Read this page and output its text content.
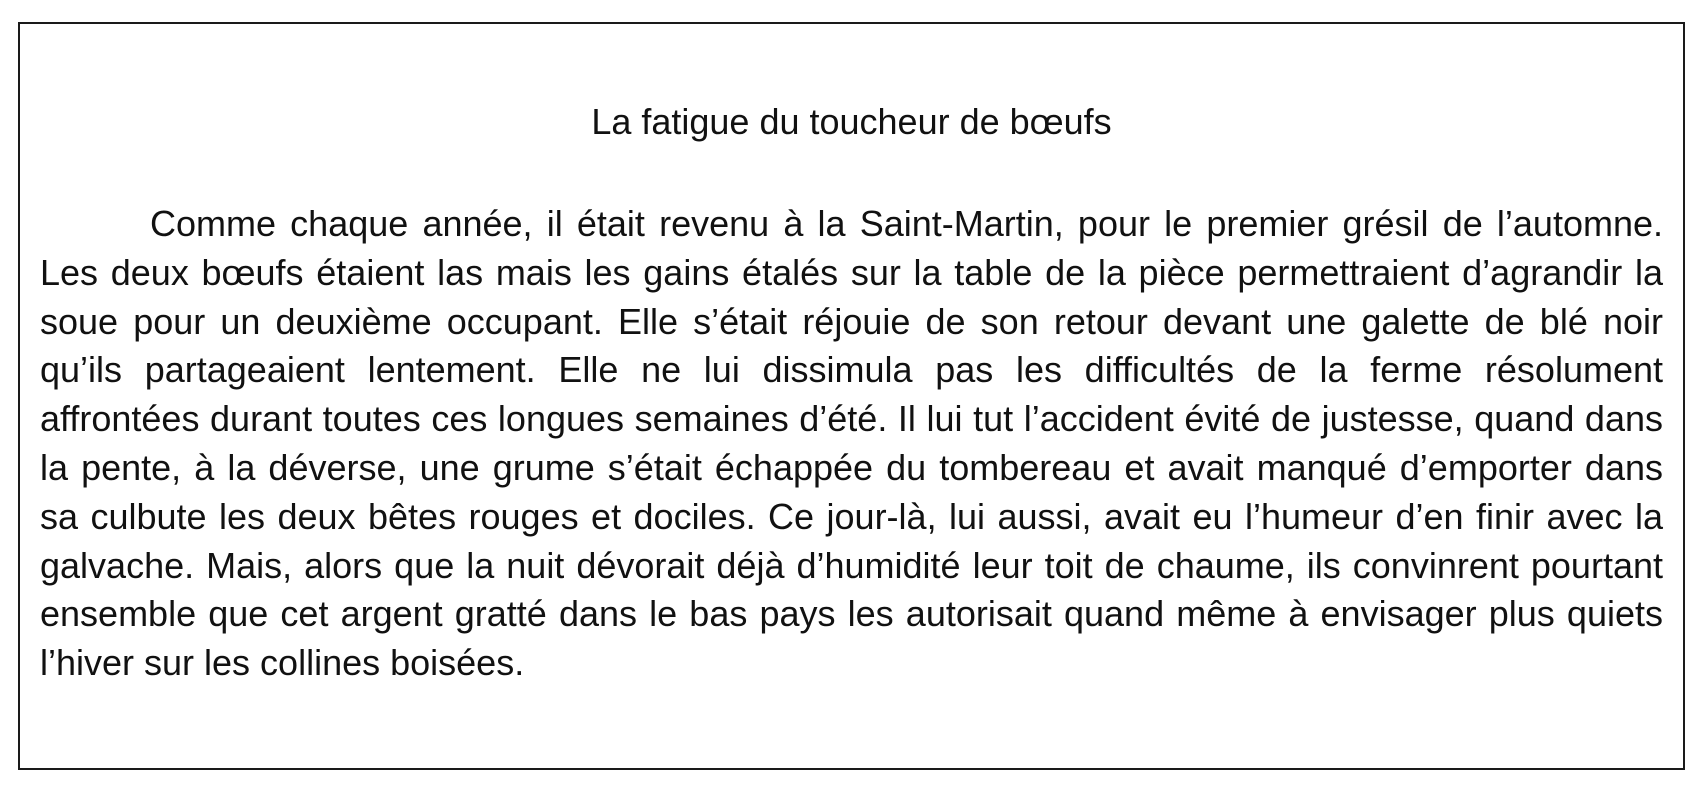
La fatigue du toucheur de bœufs

Comme chaque année, il était revenu à la Saint-Martin, pour le premier grésil de l’automne. Les deux bœufs étaient las mais les gains étalés sur la table de la pièce permettraient d’agrandir la soue pour un deuxième occupant. Elle s’était réjouie de son retour devant une galette de blé noir qu’ils partageaient lentement. Elle ne lui dissimula pas les difficultés de la ferme résolument affrontées durant toutes ces longues semaines d’été. Il lui tut l’accident évité de justesse, quand dans la pente, à la déverse, une grume s’était échappée du tombereau et avait manqué d’emporter dans sa culbute les deux bêtes rouges et dociles. Ce jour-là, lui aussi, avait eu l’humeur d’en finir avec la galvache. Mais, alors que la nuit dévorait déjà d’humidité leur toit de chaume, ils convinrent pourtant ensemble que cet argent gratté dans le bas pays les autorisait quand même à envisager plus quiets l’hiver sur les collines boisées.
